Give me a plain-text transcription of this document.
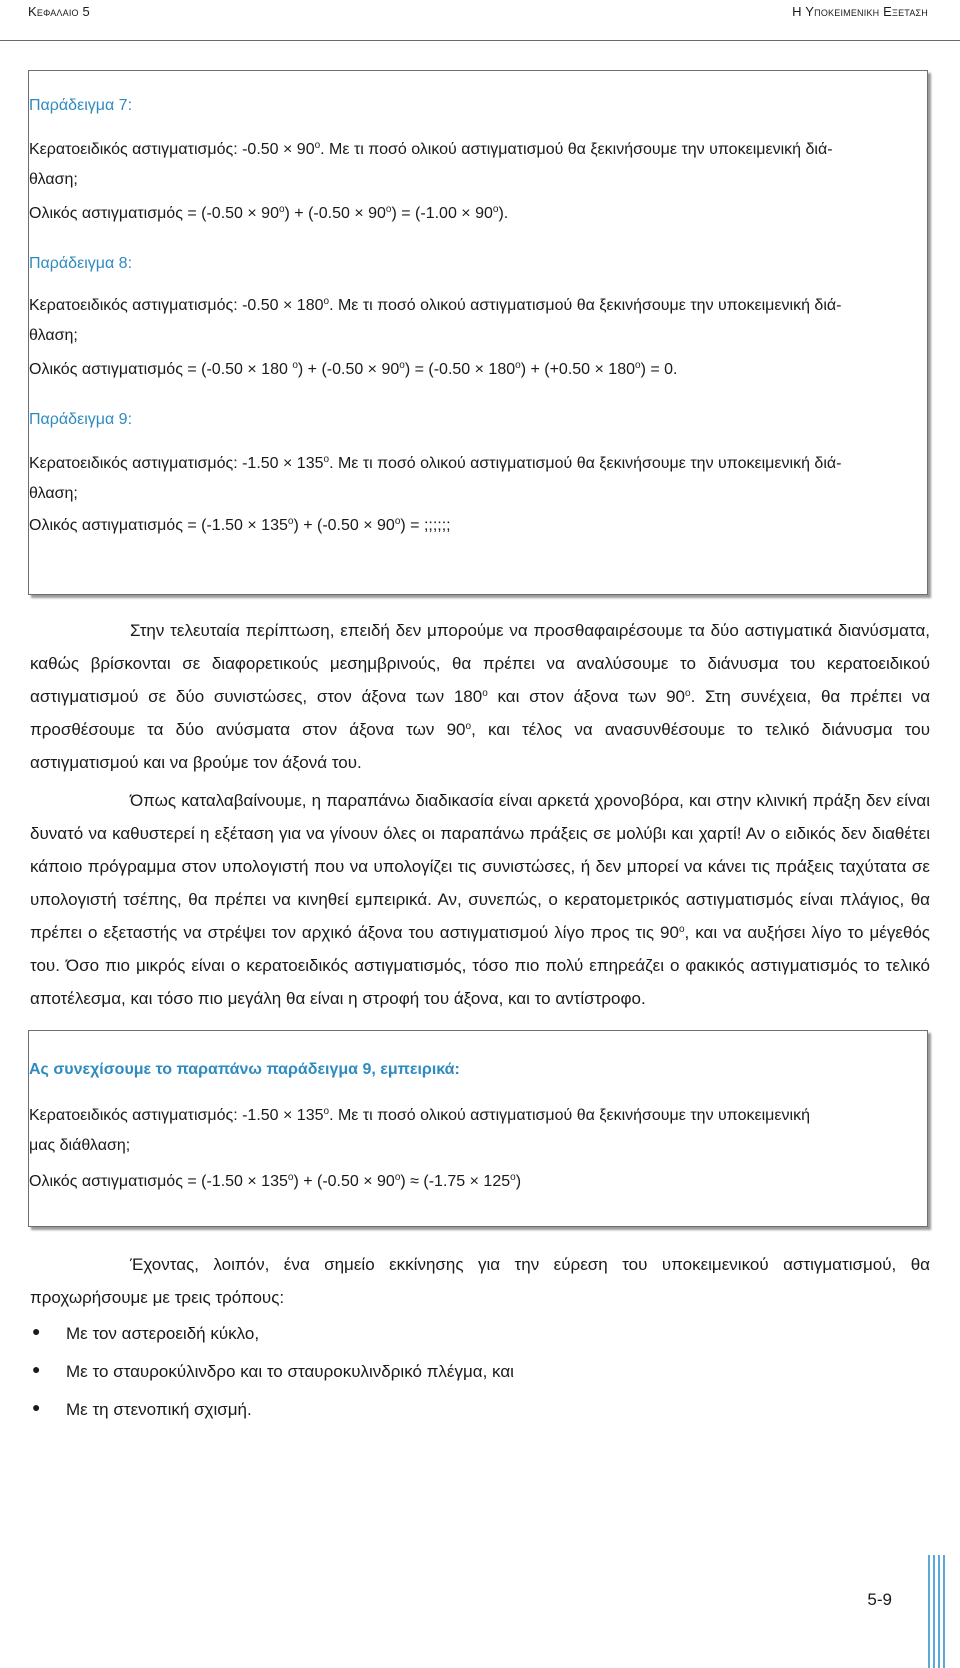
Κεφαλαιο 5	Η Υποκειμενικη Εξεταση
Παράδειγμα 7:
Κερατοειδικός αστιγματισμός: $-0.50 \times 90^o$. Με τι ποσό ολικού αστιγματισμού θα ξεκινήσουμε την υποκειμενική διά-
θλαση;
Ολικός $\alpha\sigma\tau\iota\gamma\mu\alpha\tau\iota\sigma\mu ό\varsigma = (-0.50 \times 90^o) + (-0.50 \times 90^o) = (-1.00 \times 90^o)$.
Παράδειγμα 8:
Κερατοειδικός αστιγματισμός: $-0.50 \times 180^o$. Με τι ποσό ολικού αστιγματισμού θα ξεκινήσουμε την υποκειμενική διά-
θλαση;
Ολικός αστιγματισμός = (-0.50 × 180 $^o) + (-0.50 \times 90^o) = (-0.50 \times 180^o) + (+0.50 \times 180^o) = 0$.
Παράδειγμα 9:
Κερατοειδικός αστιγματισμός: $-1.50 \times 135^o$. Με τι ποσό ολικού αστιγματισμού θα ξεκινήσουμε την υποκειμενική διά-
θλαση;
Ολικός $\alpha\sigma\tau\iota\gamma\mu\alpha\tau\iota\sigma\mu ό\varsigma = (-1.50 \times 135^o) + (-0.50 \times 90^o)$ = ;;;;;;

Στην τελευταία περίπτωση, επειδή δεν μπορούμε να προσθαφαιρέσουμε τα δύο αστιγματικά διανύσματα, καθώς βρίσκονται σε διαφορετικούς μεσημβρινούς, θα πρέπει να αναλύσουμε το διάνυσμα του κερατοειδικού αστιγματισμού σε δύο συνιστώσες, στον άξονα των $180^o$ και στον άξονα των $90^o$. Στη συνέχεια, θα πρέπει να προσθέσουμε τα δύο ανύσματα στον άξονα των $90^o$, και τέλος να ανασυνθέσουμε το τελικό διάνυσμα του αστιγματισμού και να βρούμε τον άξονά του.

Όπως καταλαβαίνουμε, η παραπάνω διαδικασία είναι αρκετά χρονοβόρα, και στην κλινική πράξη δεν είναι δυνατό να καθυστερεί η εξέταση για να γίνουν όλες οι παραπάνω πράξεις σε μολύβι και χαρτί! Αν ο ειδικός δεν διαθέτει κάποιο πρόγραμμα στον υπολογιστή που να υπολογίζει τις συνιστώσες, ή δεν μπορεί να κάνει τις πράξεις ταχύτατα σε υπολογιστή τσέπης, θα πρέπει να κινηθεί εμπειρικά. Αν, συνεπώς, ο κερατομετρικός αστιγματισμός είναι πλάγιος, θα πρέπει ο εξεταστής να στρέψει τον αρχικό άξονα του αστιγματισμού λίγο προς τις $90^o$, και να αυξήσει λίγο το μέγεθός του. Όσο πιο μικρός είναι ο κερατοειδικός αστιγματισμός, τόσο πιο πολύ επηρεάζει ο φακικός αστιγματισμός το τελικό αποτέλεσμα, και τόσο πιο μεγάλη θα είναι η στροφή του άξονα, και το αντίστροφο.

Ας συνεχίσουμε το παραπάνω παράδειγμα 9, εμπειρικά:
Κερατοειδικός αστιγματισμός: $-1.50 \times 135^o$. Με τι ποσό ολικού αστιγματισμού θα ξεκινήσουμε την υποκειμενική
μας διάθλαση;
Ολικός $\alpha\sigma\tau\iota\gamma\mu\alpha\tau\iota\sigma\mu ό\varsigma = (-1.50 \times 135^o) + (-0.50 \times 90^o) \approx (-1.75 \times 125^o)$

Έχοντας, λοιπόν, ένα σημείο εκκίνησης για την εύρεση του υποκειμενικού αστιγματισμού, θα προχωρήσουμε με τρεις τρόπους:

● Με τον αστεροειδή κύκλο,
● Με το σταυροκύλινδρο και το σταυροκυλινδρικό πλέγμα, και
● Με τη στενοπική σχισμή.
5-9
